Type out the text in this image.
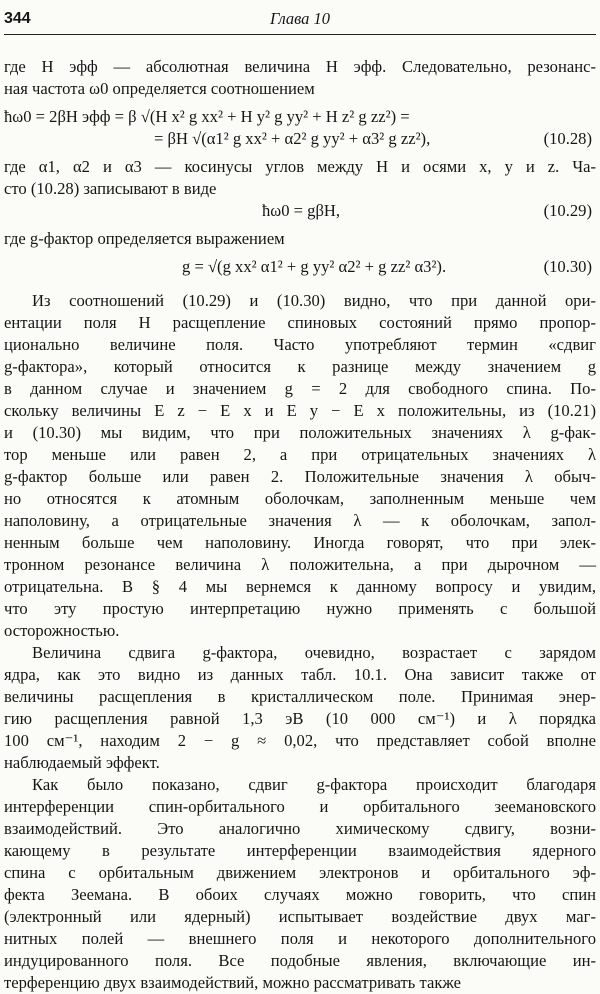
344	Глава 10

где H эфф — абсолютная величина H эфф. Следовательно, резонанс-

ная частота ω0 определяется соотношением

ħω0 = 2βH эфф = β √(H x² g xx² + H y² g yy² + H z² g zz²) =
= βH √(α1² g xx² + α2² g yy² + α3² g zz²),	(10.28)

где α1, α2 и α3 — косинусы углов между H и осями x, y и z. Ча-

сто (10.28) записывают в виде

ħω0 = gβH,	(10.29)

где g-фактор определяется выражением

g = √(g xx² α1² + g yy² α2² + g zz² α3²).	(10.30)

Из соотношений (10.29) и (10.30) видно, что при данной ори-

ентации поля H расщепление спиновых состояний прямо пропор-

ционально величине поля. Часто употребляют термин «сдвиг

g-фактора», который относится к разнице между значением g

в данном случае и значением g = 2 для свободного спина. По-

скольку величины E z − E x и E y − E x положительны, из (10.21)

и (10.30) мы видим, что при положительных значениях λ g-фак-

тор меньше или равен 2, а при отрицательных значениях λ

g-фактор больше или равен 2. Положительные значения λ обыч-

но относятся к атомным оболочкам, заполненным меньше чем

наполовину, а отрицательные значения λ — к оболочкам, запол-

ненным больше чем наполовину. Иногда говорят, что при элек-

тронном резонансе величина λ положительна, а при дырочном —

отрицательна. В § 4 мы вернемся к данному вопросу и увидим,

что эту простую интерпретацию нужно применять с большой

осторожностью.

Величина сдвига g-фактора, очевидно, возрастает с зарядом

ядра, как это видно из данных табл. 10.1. Она зависит также от

величины расщепления в кристаллическом поле. Принимая энер-

гию расщепления равной 1,3 эВ (10 000 см⁻¹) и λ порядка

100 см⁻¹, находим 2 − g ≈ 0,02, что представляет собой вполне

наблюдаемый эффект.

Как было показано, сдвиг g-фактора происходит благодаря

интерференции спин-орбитального и орбитального зеемановского

взаимодействий. Это аналогично химическому сдвигу, возни-

кающему в результате интерференции взаимодействия ядерного

спина с орбитальным движением электронов и орбитального эф-

фекта Зеемана. В обоих случаях можно говорить, что спин

(электронный или ядерный) испытывает воздействие двух маг-

нитных полей — внешнего поля и некоторого дополнительного

индуцированного поля. Все подобные явления, включающие ин-

терференцию двух взаимодействий, можно рассматривать также
